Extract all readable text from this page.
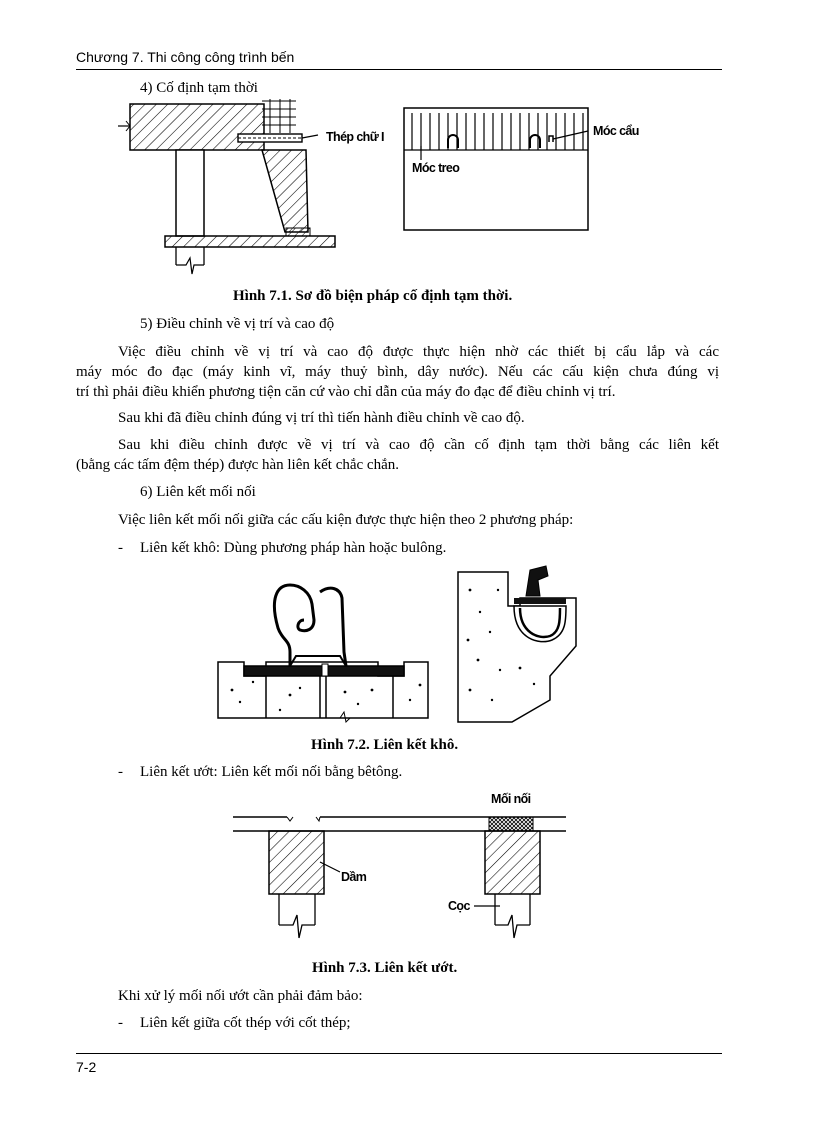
Chương 7. Thi công công trình bến
4) Cố định tạm thời
Thép chữ I	Móc cẩu
Móc treo
Hình 7.1. Sơ đồ biện pháp cố định tạm thời.
5) Điều chỉnh về vị trí và cao độ
Việc điều chỉnh về vị trí và cao độ được thực hiện nhờ các thiết bị cẩu lắp và các
máy móc đo đạc (máy kinh vĩ, máy thuỷ bình, dây nước). Nếu các cấu kiện chưa đúng vị
trí thì phải điều khiển phương tiện căn cứ vào chỉ dẫn của máy đo đạc để điều chỉnh vị trí.
Sau khi đã điều chỉnh đúng vị trí thì tiến hành điều chỉnh về cao độ.
Sau khi điều chỉnh được về vị trí và cao độ cần cố định tạm thời bằng các liên kết
(bằng các tấm đệm thép) được hàn liên kết chắc chắn.
6) Liên kết mối nối
Việc liên kết mối nối giữa các cấu kiện được thực hiện theo 2 phương pháp:
- Liên kết khô: Dùng phương pháp hàn hoặc bulông.
Hình 7.2. Liên kết khô.
- Liên kết ướt: Liên kết mối nối bằng bêtông.
Mối nối
Dầm
Cọc
Hình 7.3. Liên kết ướt.
Khi xử lý mối nối ướt cần phải đảm bảo:
- Liên kết giữa cốt thép với cốt thép;
7-2
